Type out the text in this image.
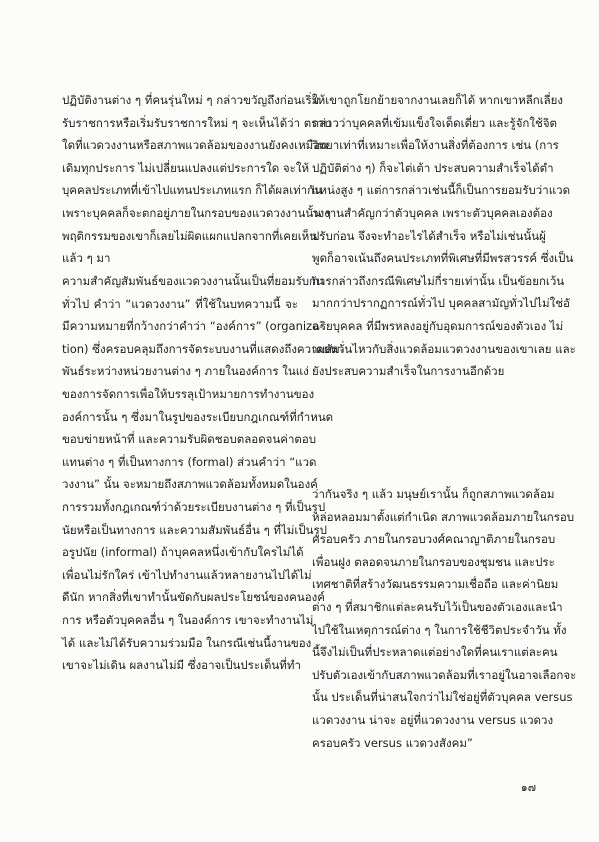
ปฏิบัติงานต่าง ๆ ที่คนรุ่นใหม่ ๆ กล่าวขวัญถึงก่อนเริ่ม
รับราชการหรือเริ่มรับราชการใหม่ ๆ จะเห็นได้ว่า ตราบ
ใดที่แวดวงงานหรือสภาพแวดล้อมของงานยังคงเหมือน
เดิมทุกประการ ไม่เปลี่ยนแปลงแต่ประการใด จะให้
บุคคลประเภทที่เข้าไปแทนประเภทแรก ก็ได้ผลเท่ากัน
เพราะบุคคลก็จะตกอยู่ภายในกรอบของแวดวงงานนั้น ๆ
พฤติกรรมของเขาก็เลยไม่ผิดแผกแปลกจากที่เคยเห็น
แล้ว ๆ มา
ความสำคัญสัมพันธ์ของแวดวงงานนั้นเป็นที่ยอมรับกัน
ทั่วไป คำว่า “แวดวงงาน” ที่ใช้ในบทความนี้ จะ
มีความหมายที่กว้างกว่าคำว่า “องค์การ” (organiza-
tion) ซึ่งครอบคลุมถึงการจัดระบบงานที่แสดงถึงความสัม-
พันธ์ระหว่างหน่วยงานต่าง ๆ ภายในองค์การ ในแง่
ของการจัดการเพื่อให้บรรลุเป้าหมายการทำงานของ
องค์การนั้น ๆ ซึ่งมาในรูปของระเบียบกฎเกณฑ์ที่กำหนด
ขอบข่ายหน้าที่ และความรับผิดชอบตลอดจนค่าตอบ
แทนต่าง ๆ ที่เป็นทางการ (formal) ส่วนคำว่า “แวด
วงงาน” นั้น จะหมายถึงสภาพแวดล้อมทั้งหมดในองค์
การรวมทั้งกฎเกณฑ์ว่าด้วยระเบียบงานต่าง ๆ ที่เป็นรูป
นัยหรือเป็นทางการ และความสัมพันธ์อื่น ๆ ที่ไม่เป็นรูป
อรูปนัย (informal) ถ้าบุคคลหนึ่งเข้ากับใครไม่ได้
เพื่อนไม่รักใคร่ เข้าไปทำงานแล้วหลายงานไปได้ไม่
ดีนัก หากสิ่งที่เขาทำนั้นขัดกับผลประโยชน์ของคนองค์
การ หรือตัวบุคคลอื่น ๆ ในองค์การ เขาจะทำงานไม่
ได้ และไม่ได้รับความร่วมมือ ในกรณีเช่นนี้งานของ
เขาจะไม่เดิน ผลงานไม่มี ซึ่งอาจเป็นประเด็นที่ทำ
ให้เขาถูกโยกย้ายจากงานเลยก็ได้ หากเขาหลีกเลี่ยง
กล่าวว่าบุคคลที่เข้มแข็งใจเด็ดเดี่ยว และรู้จักใช้จิต
วิทยาเท่าที่เหมาะเพื่อให้งานสิ่งที่ต้องการ เช่น (การ
ปฏิบัติต่าง ๆ) ก็จะไต่เต้า ประสบความสำเร็จได้ตำ
แหน่งสูง ๆ แต่การกล่าวเช่นนี้ก็เป็นการยอมรับว่าแวด
วงงานสำคัญกว่าตัวบุคคล เพราะตัวบุคคลเองต้อง
ปรับก่อน จึงจะทำอะไรได้สำเร็จ หรือไม่เช่นนั้นผู้
พูดก็อาจเน้นถึงคนประเภทที่พิเศษที่มีพรสวรรค์ ซึ่งเป็น
การกล่าวถึงกรณีพิเศษไม่กี่รายเท่านั้น เป็นข้อยกเว้น
มากกว่าปรากฏการณ์ทั่วไป บุคคลสามัญทั่วไปไม่ใช่อั
ฉริยบุคคล ที่มีพรหลงอยู่กับอุดมการณ์ของตัวเอง ไม่
เคยหวั่นไหวกับสิ่งแวดล้อมแวดวงงานของเขาเลย และ
ยังประสบความสำเร็จในการงานอีกด้วย
ว่ากันจริง ๆ แล้ว มนุษย์เรานั้น ก็ถูกสภาพแวดล้อม
หล่อหลอมมาตั้งแต่กำเนิด สภาพแวดล้อมภายในกรอบ
ครอบครัว ภายในกรอบวงศ์คณาญาติภายในกรอบ
เพื่อนฝูง ตลอดจนภายในกรอบของชุมชน และประ
เทศชาติที่สร้างวัฒนธรรมความเชื่อถือ และค่านิยม
ต่าง ๆ ที่สมาชิกแต่ละคนรับไว้เป็นของตัวเองและนำ
ไปใช้ในเหตุการณ์ต่าง ๆ ในการใช้ชีวิตประจำวัน ทั้ง
นี้จึงไม่เป็นที่ประหลาดแต่อย่างใดที่คนเราแต่ละคน
ปรับตัวเองเข้ากับสภาพแวดล้อมที่เราอยู่ในอาจเลือกจะ
นั้น ประเด็นที่น่าสนใจกว่าไม่ใช่อยู่ที่ตัวบุคคล versus
แวดวงงาน น่าจะ อยู่ที่แวดวงงาน versus แวดวง
ครอบครัว versus แวดวงสังคม”
๑๗
